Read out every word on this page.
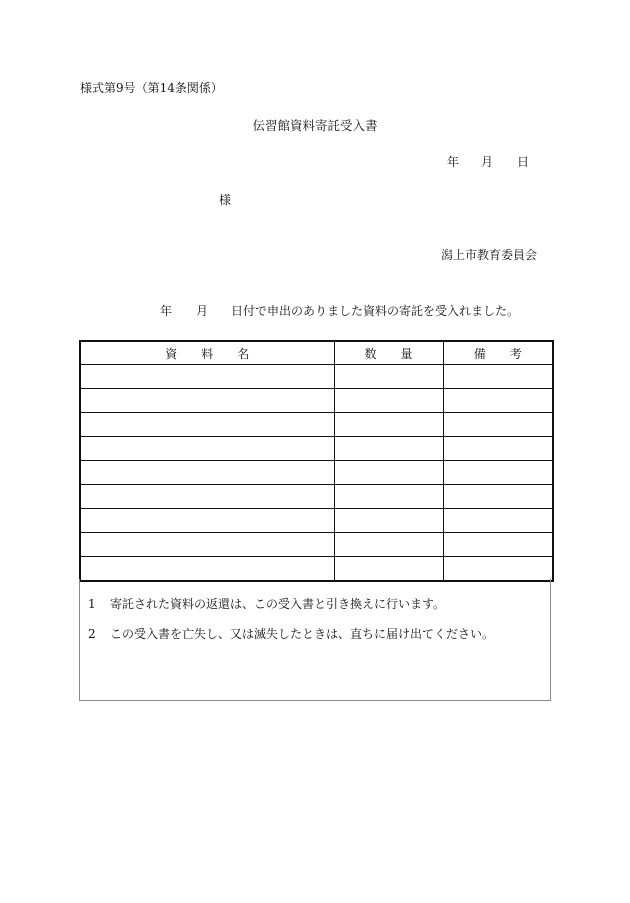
様式第9号（第14条関係）
伝習館資料寄託受入書
年 月 日
様
潟上市教育委員会
年 月 日付で申出のありました資料の寄託を受入れました。
資　　料　　名	数　　量	備　　考

1 寄託された資料の返還は、この受入書と引き換えに行います。
2 この受入書を亡失し、又は滅失したときは、直ちに届け出てください。
